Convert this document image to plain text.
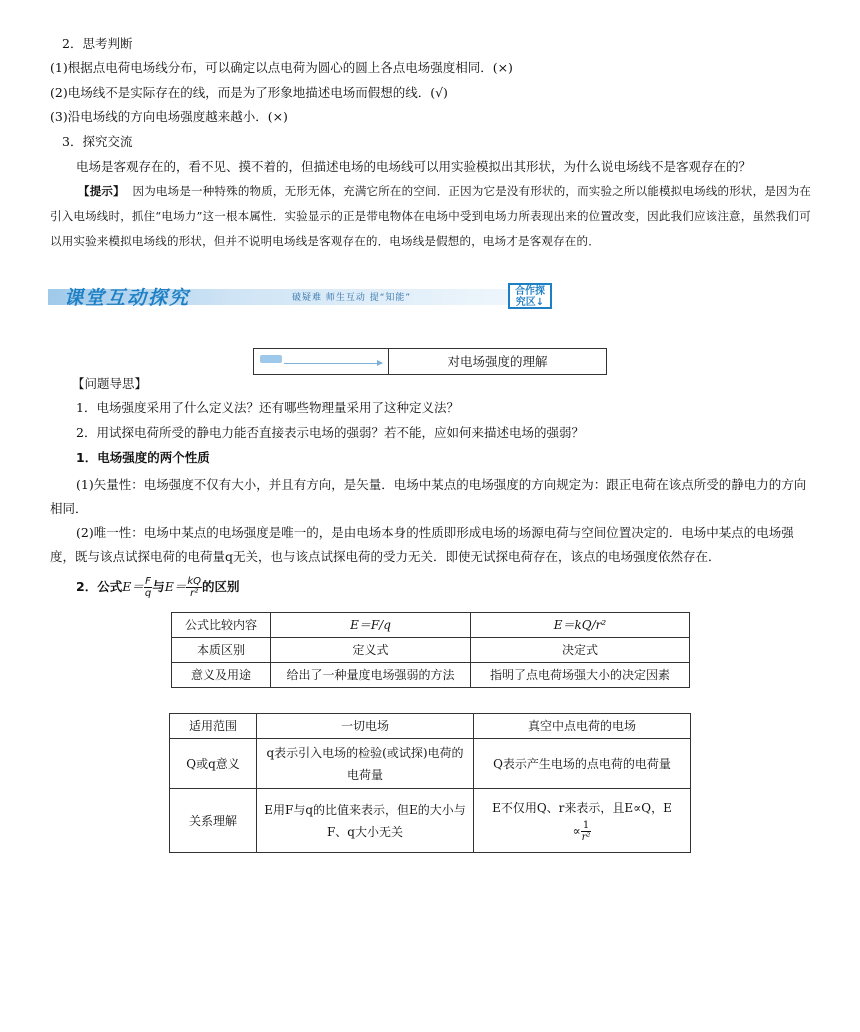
2．思考判断
(1)根据点电荷电场线分布，可以确定以点电荷为圆心的圆上各点电场强度相同．(×)
(2)电场线不是实际存在的线，而是为了形象地描述电场而假想的线．(√)
(3)沿电场线的方向电场强度越来越小．(×)
3．探究交流
电场是客观存在的，看不见、摸不着的，但描述电场的电场线可以用实验模拟出其形状，为什么说电场线不是客观存在的？
【提示】 因为电场是一种特殊的物质，无形无体，充满它所在的空间．正因为它是没有形状的，而实验之所以能模拟电场线的形状，是因为在引入电场线时，抓住“电场力”这一根本属性．实验显示的正是带电物体在电场中受到电场力所表现出来的位置改变，因此我们应该注意，虽然我们可以用实验来模拟电场线的形状，但并不说明电场线是客观存在的．电场线是假想的，电场才是客观存在的．
课堂互动探究	破疑难 师生互动 提“知能”
合作探
究区↓
对电场强度的理解
【问题导思】
1．电场强度采用了什么定义法？还有哪些物理量采用了这种定义法？
2．用试探电荷所受的静电力能否直接表示电场的强弱？若不能，应如何来描述电场的强弱？
1．电场强度的两个性质
(1)矢量性：电场强度不仅有大小，并且有方向，是矢量．电场中某点的电场强度的方向规定为：跟正电荷在该点所受的静电力的方向相同．
(2)唯一性：电场中某点的电场强度是唯一的，是由电场本身的性质即形成电场的场源电荷与空间位置决定的．电场中某点的电场强度，既与该点试探电荷的电荷量q无关，也与该点试探电荷的受力无关．即使无试探电荷存在，该点的电场强度依然存在．
2．公式$E= \frac{F}{q}$ 与$E= \frac{kQ}{\text{r²}}$ 的区别
公式比较内容	E＝F/q	E＝kQ/r²
本质区别	定义式	决定式
意义及用途	给出了一种量度电场强弱的方法	指明了点电荷场强大小的决定因素
适用范围	一切电场	真空中点电荷的电场
Q或q意义	q表示引入电场的检验(或试探)电荷的电荷量	Q表示产生电场的点电荷的电荷量
关系理解	E用F与q的比值来表示，但E的大小与F、q大小无关	E不仅用Q、r来表示，且E∝Q，E
∝ $\frac{1}{\text{r²}}$
